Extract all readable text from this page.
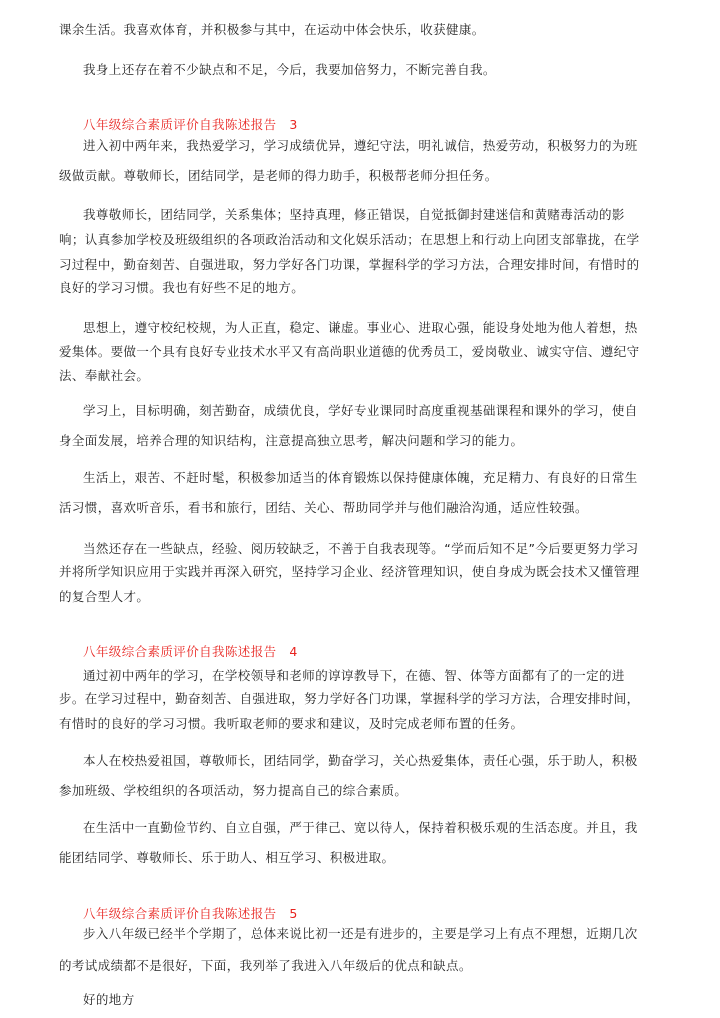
课余生活。我喜欢体育，并积极参与其中，在运动中体会快乐，收获健康。
我身上还存在着不少缺点和不足，今后，我要加倍努力，不断完善自我。
八年级综合素质评价自我陈述报告　3
进入初中两年来，我热爱学习，学习成绩优异，遵纪守法，明礼诚信，热爱劳动，积极努力的为班
级做贡献。尊敬师长，团结同学，是老师的得力助手，积极帮老师分担任务。
我尊敬师长，团结同学，关系集体；坚持真理，修正错误，自觉抵御封建迷信和黄赌毒活动的影
响；认真参加学校及班级组织的各项政治活动和文化娱乐活动；在思想上和行动上向团支部靠拢，在学
习过程中，勤奋刻苦、自强进取，努力学好各门功课，掌握科学的学习方法，合理安排时间，有惜时的
良好的学习习惯。我也有好些不足的地方。
思想上，遵守校纪校规，为人正直，稳定、谦虚。事业心、进取心强，能设身处地为他人着想，热
爱集体。要做一个具有良好专业技术水平又有高尚职业道德的优秀员工，爱岗敬业、诚实守信、遵纪守
法、奉献社会。
学习上，目标明确，刻苦勤奋，成绩优良，学好专业课同时高度重视基础课程和课外的学习，使自
身全面发展，培养合理的知识结构，注意提高独立思考，解决问题和学习的能力。
生活上，艰苦、不赶时髦，积极参加适当的体育锻炼以保持健康体魄，充足精力、有良好的日常生
活习惯，喜欢听音乐，看书和旅行，团结、关心、帮助同学并与他们融洽沟通，适应性较强。
当然还存在一些缺点，经验、阅历较缺乏，不善于自我表现等。“学而后知不足”今后要更努力学习
并将所学知识应用于实践并再深入研究，坚持学习企业、经济管理知识，使自身成为既会技术又懂管理
的复合型人才。
八年级综合素质评价自我陈述报告　4
通过初中两年的学习，在学校领导和老师的谆谆教导下，在德、智、体等方面都有了的一定的进
步。在学习过程中，勤奋刻苦、自强进取，努力学好各门功课，掌握科学的学习方法，合理安排时间，
有惜时的良好的学习习惯。我听取老师的要求和建议，及时完成老师布置的任务。
本人在校热爱祖国，尊敬师长，团结同学，勤奋学习，关心热爱集体，责任心强，乐于助人，积极
参加班级、学校组织的各项活动，努力提高自己的综合素质。
在生活中一直勤俭节约、自立自强，严于律己、宽以待人，保持着积极乐观的生活态度。并且，我
能团结同学、尊敬师长、乐于助人、相互学习、积极进取。
八年级综合素质评价自我陈述报告　5
步入八年级已经半个学期了，总体来说比初一还是有进步的，主要是学习上有点不理想，近期几次
的考试成绩都不是很好，下面，我列举了我进入八年级后的优点和缺点。
好的地方
